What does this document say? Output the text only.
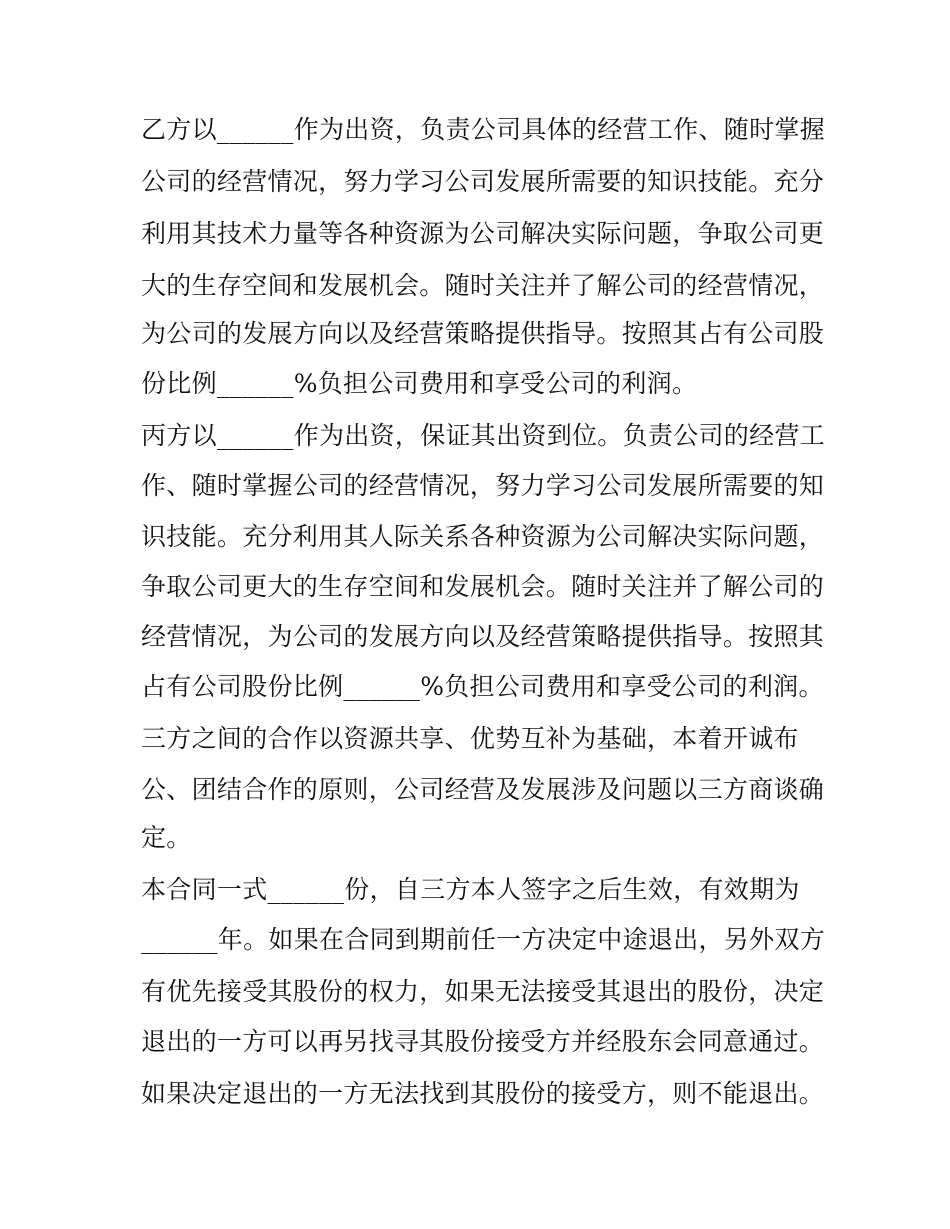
乙方以______作为出资，负责公司具体的经营工作、随时掌握
公司的经营情况，努力学习公司发展所需要的知识技能。充分
利用其技术力量等各种资源为公司解决实际问题，争取公司更
大的生存空间和发展机会。随时关注并了解公司的经营情况，
为公司的发展方向以及经营策略提供指导。按照其占有公司股
份比例______%负担公司费用和享受公司的利润。
丙方以______作为出资，保证其出资到位。负责公司的经营工
作、随时掌握公司的经营情况，努力学习公司发展所需要的知
识技能。充分利用其人际关系各种资源为公司解决实际问题，
争取公司更大的生存空间和发展机会。随时关注并了解公司的
经营情况，为公司的发展方向以及经营策略提供指导。按照其
占有公司股份比例______%负担公司费用和享受公司的利润。
三方之间的合作以资源共享、优势互补为基础，本着开诚布
公、团结合作的原则，公司经营及发展涉及问题以三方商谈确
定。
本合同一式______份，自三方本人签字之后生效，有效期为
______年。如果在合同到期前任一方决定中途退出，另外双方
有优先接受其股份的权力，如果无法接受其退出的股份，决定
退出的一方可以再另找寻其股份接受方并经股东会同意通过。
如果决定退出的一方无法找到其股份的接受方，则不能退出。
